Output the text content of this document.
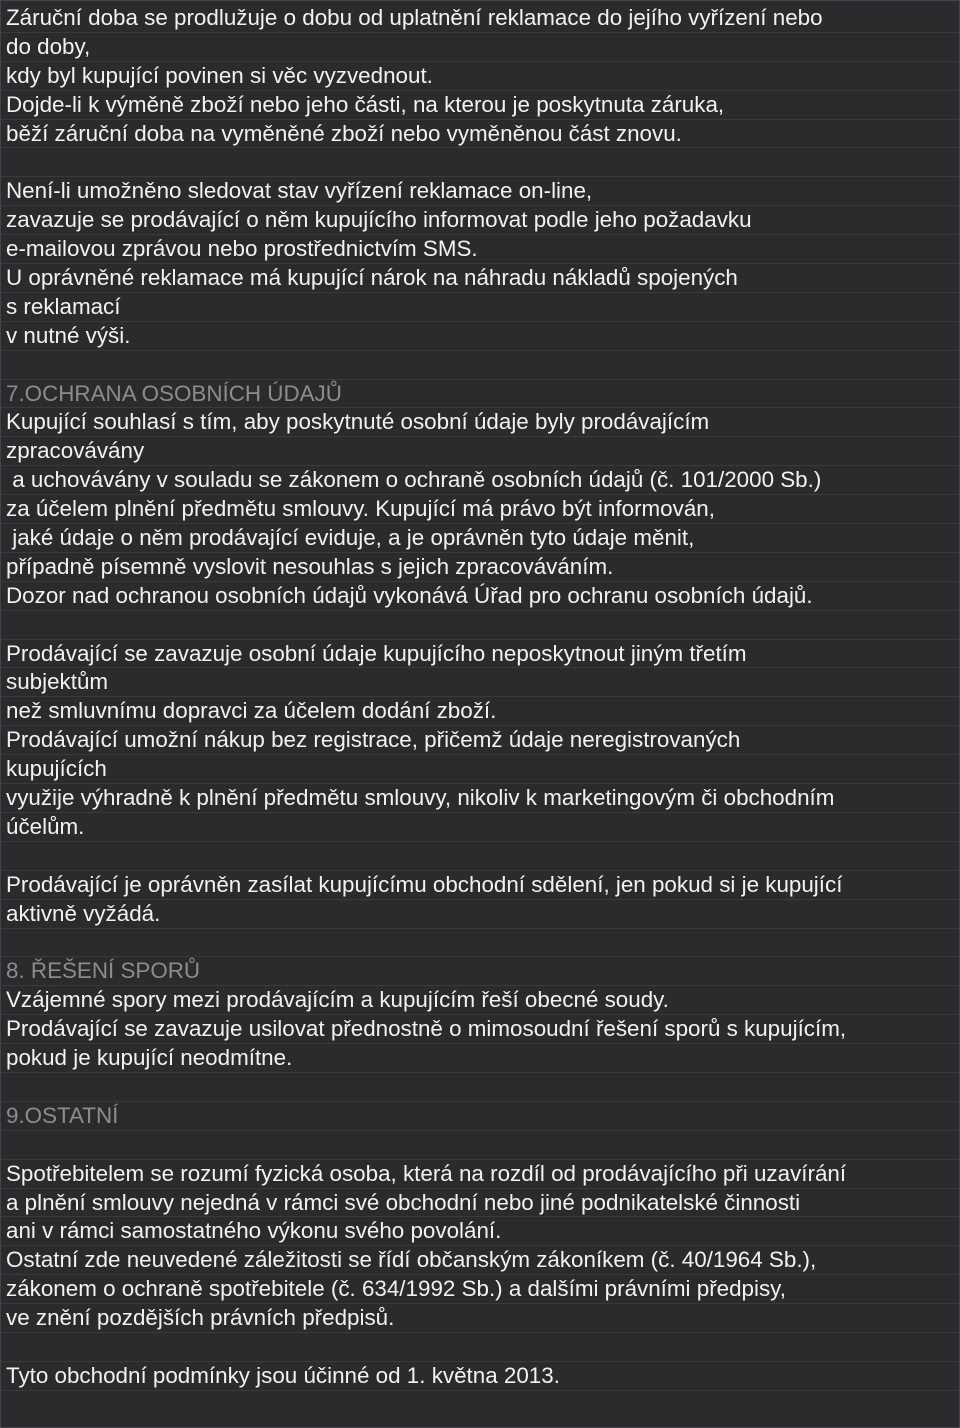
Záruční doba se prodlužuje o dobu od uplatnění reklamace do jejího vyřízení nebo
do doby,
kdy byl kupující povinen si věc vyzvednout.
Dojde-li k výměně zboží nebo jeho části, na kterou je poskytnuta záruka,
běží záruční doba na vyměněné zboží nebo vyměněnou část znovu.
Není-li umožněno sledovat stav vyřízení reklamace on-line,
zavazuje se prodávající o něm kupujícího informovat podle jeho požadavku
e-mailovou zprávou nebo prostřednictvím SMS.
U oprávněné reklamace má kupující nárok na náhradu nákladů spojených
s reklamací
v nutné výši.
7.OCHRANA OSOBNÍCH ÚDAJŮ
Kupující souhlasí s tím, aby poskytnuté osobní údaje byly prodávajícím
zpracovávány
a uchovávány v souladu se zákonem o ochraně osobních údajů (č. 101/2000 Sb.)
za účelem plnění předmětu smlouvy. Kupující má právo být informován,
jaké údaje o něm prodávající eviduje, a je oprávněn tyto údaje měnit,
případně písemně vyslovit nesouhlas s jejich zpracováváním.
Dozor nad ochranou osobních údajů vykonává Úřad pro ochranu osobních údajů.
Prodávající se zavazuje osobní údaje kupujícího neposkytnout jiným třetím
subjektům
než smluvnímu dopravci za účelem dodání zboží.
Prodávající umožní nákup bez registrace, přičemž údaje neregistrovaných
kupujících
využije výhradně k plnění předmětu smlouvy, nikoliv k marketingovým či obchodním
účelům.
Prodávající je oprávněn zasílat kupujícímu obchodní sdělení, jen pokud si je kupující
aktivně vyžádá.
8. ŘEŠENÍ SPORŮ
Vzájemné spory mezi prodávajícím a kupujícím řeší obecné soudy.
Prodávající se zavazuje usilovat přednostně o mimosoudní řešení sporů s kupujícím,
pokud je kupující neodmítne.
9.OSTATNÍ
Spotřebitelem se rozumí fyzická osoba, která na rozdíl od prodávajícího při uzavírání
a plnění smlouvy nejedná v rámci své obchodní nebo jiné podnikatelské činnosti
ani v rámci samostatného výkonu svého povolání.
Ostatní zde neuvedené záležitosti se řídí občanským zákoníkem (č. 40/1964 Sb.),
zákonem o ochraně spotřebitele (č. 634/1992 Sb.) a dalšími právními předpisy,
ve znění pozdějších právních předpisů.
Tyto obchodní podmínky jsou účinné od 1. května 2013.
